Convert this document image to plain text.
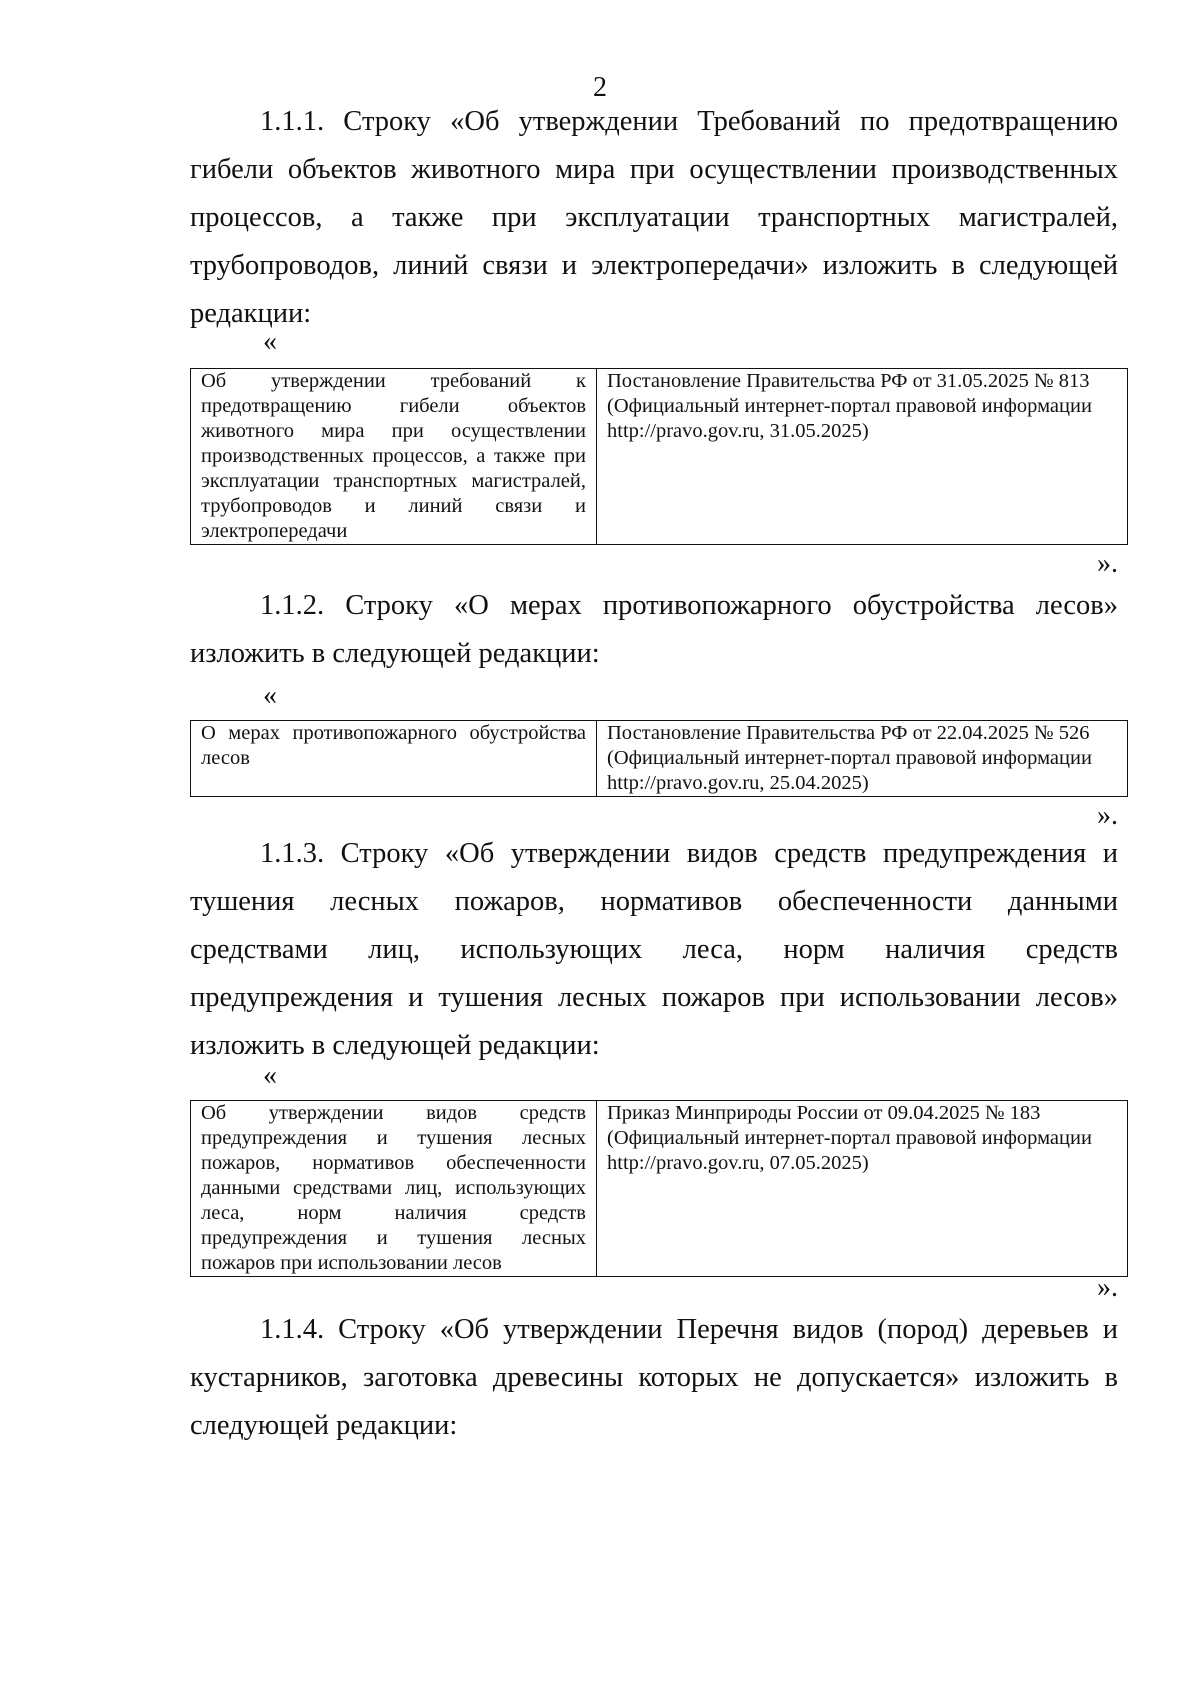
2
1.1.1. Строку «Об утверждении Требований по предотвращению гибели объектов животного мира при осуществлении производственных процессов, а также при эксплуатации транспортных магистралей, трубопроводов, линий связи и электропередачи» изложить в следующей редакции:
«
Об утверждении требований к предотвращению гибели объектов животного мира при осуществлении производственных процессов, а также при эксплуатации транспортных магистралей, трубопроводов и линий связи и электропередачи	Постановление Правительства РФ от 31.05.2025 № 813 (Официальный интернет-портал правовой информации http://pravo.gov.ru, 31.05.2025)
».
1.1.2. Строку «О мерах противопожарного обустройства лесов» изложить в следующей редакции:
«
О мерах противопожарного обустройства лесов	Постановление Правительства РФ от 22.04.2025 № 526 (Официальный интернет-портал правовой информации http://pravo.gov.ru, 25.04.2025)
».
1.1.3. Строку «Об утверждении видов средств предупреждения и тушения лесных пожаров, нормативов обеспеченности данными средствами лиц, использующих леса, норм наличия средств предупреждения и тушения лесных пожаров при использовании лесов» изложить в следующей редакции:
«
Об утверждении видов средств предупреждения и тушения лесных пожаров, нормативов обеспеченности данными средствами лиц, использующих леса, норм наличия средств предупреждения и тушения лесных пожаров при использовании лесов	Приказ Минприроды России от 09.04.2025 № 183 (Официальный интернет-портал правовой информации http://pravo.gov.ru, 07.05.2025)
».
1.1.4. Строку «Об утверждении Перечня видов (пород) деревьев и кустарников, заготовка древесины которых не допускается» изложить в следующей редакции:
